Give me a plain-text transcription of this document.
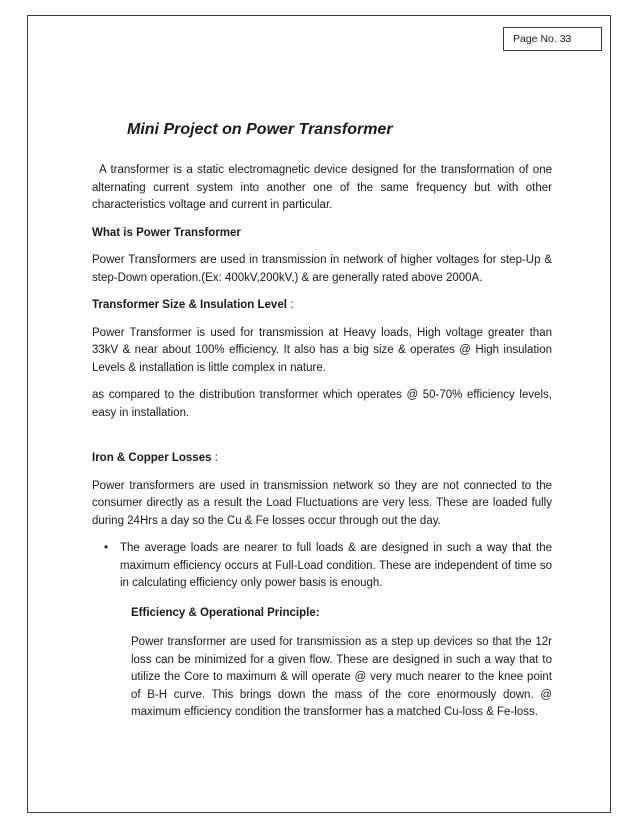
Page No. 33
Mini Project on Power Transformer

A transformer is a static electromagnetic device designed for the transformation of one alternating current system into another one of the same frequency but with other characteristics voltage and current in particular.

What is Power Transformer

Power Transformers are used in transmission in network of higher voltages for step-Up & step-Down operation.(Ex: 400kV,200kV,) & are generally rated above 2000A.

Transformer Size & Insulation Level :

Power Transformer is used for transmission at Heavy loads, High voltage greater than 33kV & near about 100% efficiency. It also has a big size & operates @ High insulation Levels & installation is little complex in nature.

as compared to the distribution transformer which operates @ 50-70% efficiency levels, easy in installation.

Iron & Copper Losses :

Power transformers are used in transmission network so they are not connected to the consumer directly as a result the Load Fluctuations are very less. These are loaded fully during 24Hrs a day so the Cu & Fe losses occur through out the day.

• The average loads are nearer to full loads & are designed in such a way that the maximum efficiency occurs at Full-Load condition. These are independent of time so in calculating efficiency only power basis is enough.

Efficiency & Operational Principle:

Power transformer are used for transmission as a step up devices so that the 12r loss can be minimized for a given flow. These are designed in such a way that to utilize the Core to maximum & will operate @ very much nearer to the knee point of B-H curve. This brings down the mass of the core enormously down. @ maximum efficiency condition the transformer has a matched Cu-loss & Fe-loss.
